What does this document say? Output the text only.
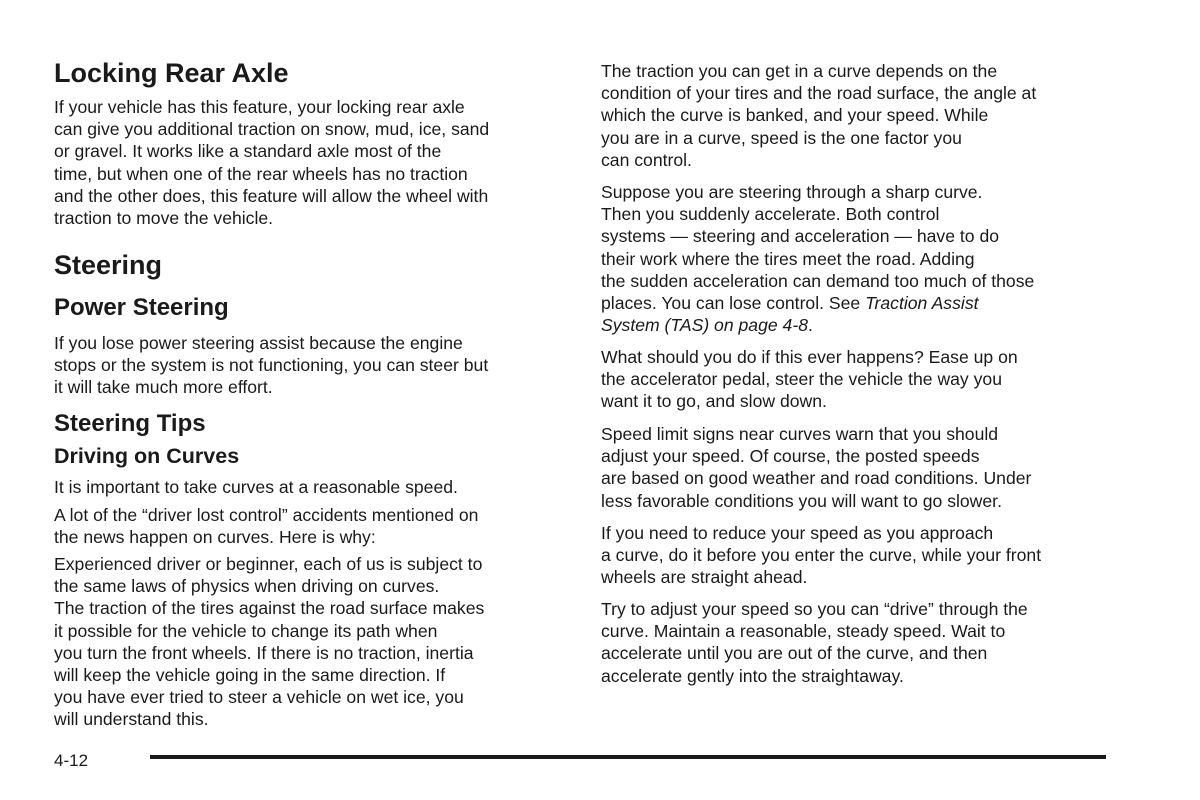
Locking Rear Axle
If your vehicle has this feature, your locking rear axle
can give you additional traction on snow, mud, ice, sand
or gravel. It works like a standard axle most of the
time, but when one of the rear wheels has no traction
and the other does, this feature will allow the wheel with
traction to move the vehicle.
Steering
Power Steering
If you lose power steering assist because the engine
stops or the system is not functioning, you can steer but
it will take much more effort.
Steering Tips
Driving on Curves
It is important to take curves at a reasonable speed.
A lot of the “driver lost control” accidents mentioned on
the news happen on curves. Here is why:
Experienced driver or beginner, each of us is subject to
the same laws of physics when driving on curves.
The traction of the tires against the road surface makes
it possible for the vehicle to change its path when
you turn the front wheels. If there is no traction, inertia
will keep the vehicle going in the same direction. If
you have ever tried to steer a vehicle on wet ice, you
will understand this.
The traction you can get in a curve depends on the
condition of your tires and the road surface, the angle at
which the curve is banked, and your speed. While
you are in a curve, speed is the one factor you
can control.
Suppose you are steering through a sharp curve.
Then you suddenly accelerate. Both control
systems — steering and acceleration — have to do
their work where the tires meet the road. Adding
the sudden acceleration can demand too much of those
places. You can lose control. See Traction Assist
System (TAS) on page 4-8.
What should you do if this ever happens? Ease up on
the accelerator pedal, steer the vehicle the way you
want it to go, and slow down.
Speed limit signs near curves warn that you should
adjust your speed. Of course, the posted speeds
are based on good weather and road conditions. Under
less favorable conditions you will want to go slower.
If you need to reduce your speed as you approach
a curve, do it before you enter the curve, while your front
wheels are straight ahead.
Try to adjust your speed so you can “drive” through the
curve. Maintain a reasonable, steady speed. Wait to
accelerate until you are out of the curve, and then
accelerate gently into the straightaway.
4-12
